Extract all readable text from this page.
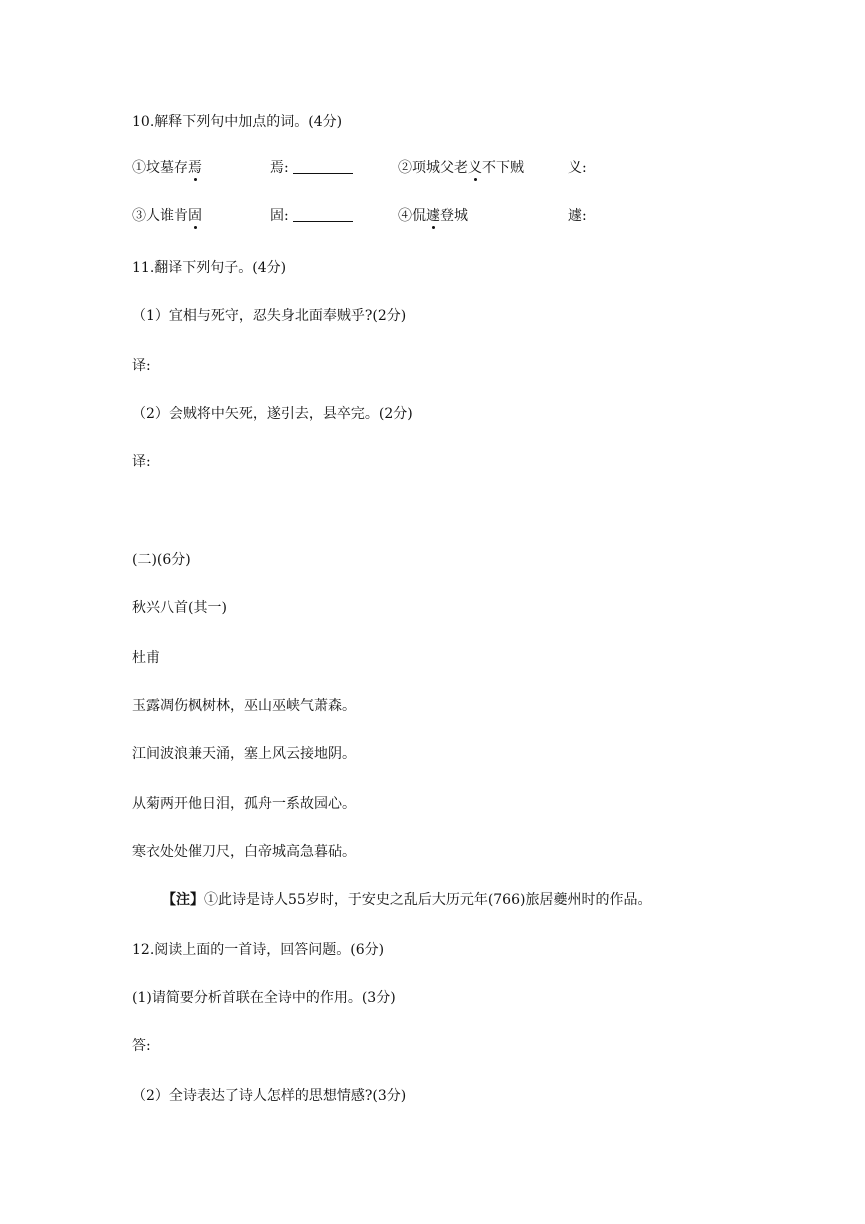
10.解释下列句中加点的词。(4分)
①坟墓存焉	焉:	②项城父老义不下贼	义:
③人谁肯固	固:	④侃遽登城	遽:
11.翻译下列句子。(4分)
（1）宜相与死守，忍失身北面奉贼乎?(2分)
译:
（2）会贼将中矢死，遂引去，县卒完。(2分)
译:
(二)(6分)
秋兴八首(其一)
杜甫
玉露凋伤枫树林，巫山巫峡气萧森。
江间波浪兼天涌，塞上风云接地阴。
从菊两开他日泪，孤舟一系故园心。
寒衣处处催刀尺，白帝城高急暮砧。
【注】①此诗是诗人55岁时，于安史之乱后大历元年(766)旅居夔州时的作品。
12.阅读上面的一首诗，回答问题。(6分)
(1)请简要分析首联在全诗中的作用。(3分)
答:
（2）全诗表达了诗人怎样的思想情感?(3分)
